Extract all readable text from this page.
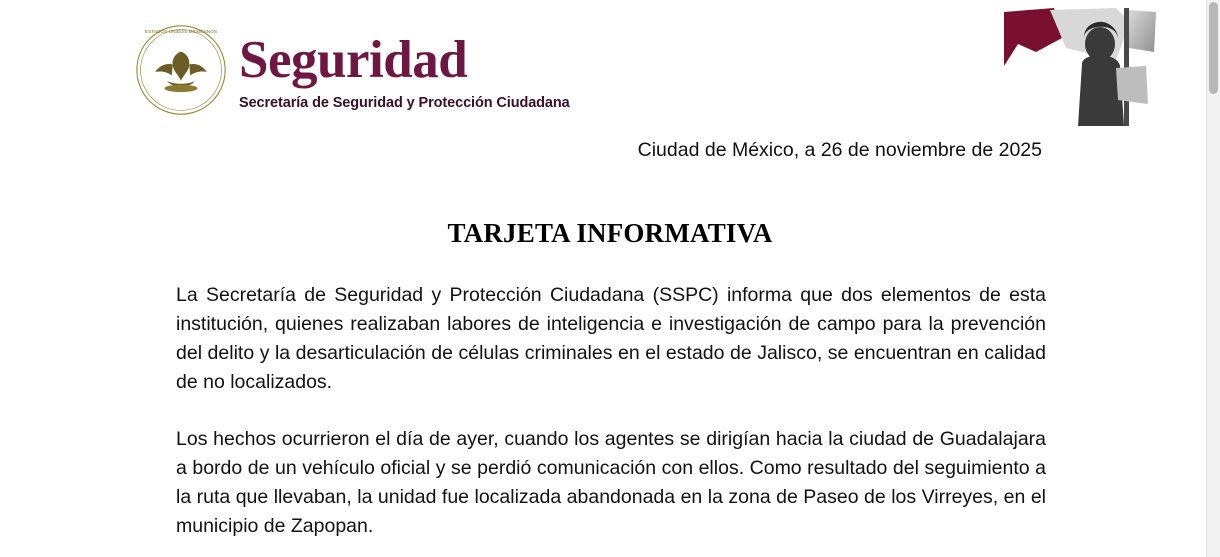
ESTADOS UNIDOS MEXICANOS Seguridad
Secretaría de Seguridad y Protección Ciudadana
Ciudad de México, a 26 de noviembre de 2025
TARJETA INFORMATIVA

La Secretaría de Seguridad y Protección Ciudadana (SSPC) informa que dos elementos de esta institución, quienes realizaban labores de inteligencia e investigación de campo para la prevención del delito y la desarticulación de células criminales en el estado de Jalisco, se encuentran en calidad de no localizados.

Los hechos ocurrieron el día de ayer, cuando los agentes se dirigían hacia la ciudad de Guadalajara a bordo de un vehículo oficial y se perdió comunicación con ellos. Como resultado del seguimiento a la ruta que llevaban, la unidad fue localizada abandonada en la zona de Paseo de los Virreyes, en el municipio de Zapopan.
